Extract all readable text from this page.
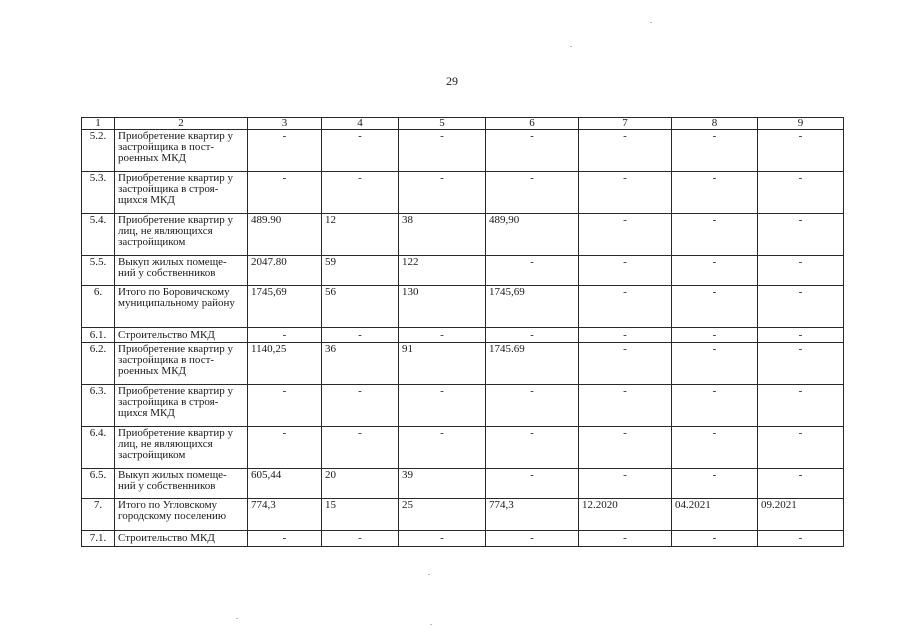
29
1	2	3	4	5	6	7	8	9
5.2.	Приобретение квартир у застройщика в пост-роенных МКД	-	-	-	-	-	-	-
5.3.	Приобретение квартир у застройщика в строя-щихся МКД	-	-	-	-	-	-	-
5.4.	Приобретение квартир у лиц, не являющихся застройщиком	489.90	12	38	489,90	-	-	-
5.5.	Выкуп жилых помеще-ний у собственников	2047.80	59	122	-	-	-	-
6.	Итого по Боровичскому муниципальному району	1745,69	56	130	1745,69	-	-	-
6.1.	Строительство МКД	-	-	-	-	-	-	-
6.2.	Приобретение квартир у застройщика в пост-роенных МКД	1140,25	36	91	1745.69	-	-	-
6.3.	Приобретение квартир у застройщика в строя-щихся МКД	-	-	-	-	-	-	-
6.4.	Приобретение квартир у лиц, не являющихся застройщиком	-	-	-	-	-	-	-
6.5.	Выкуп жилых помеще-ний у собственников	605,44	20	39	-	-	-	-
7.	Итого по Угловскому городскому поселению	774,3	15	25	774,3	12.2020	04.2021	09.2021
7.1.	Строительство МКД	-	-	-	-	-	-	-
